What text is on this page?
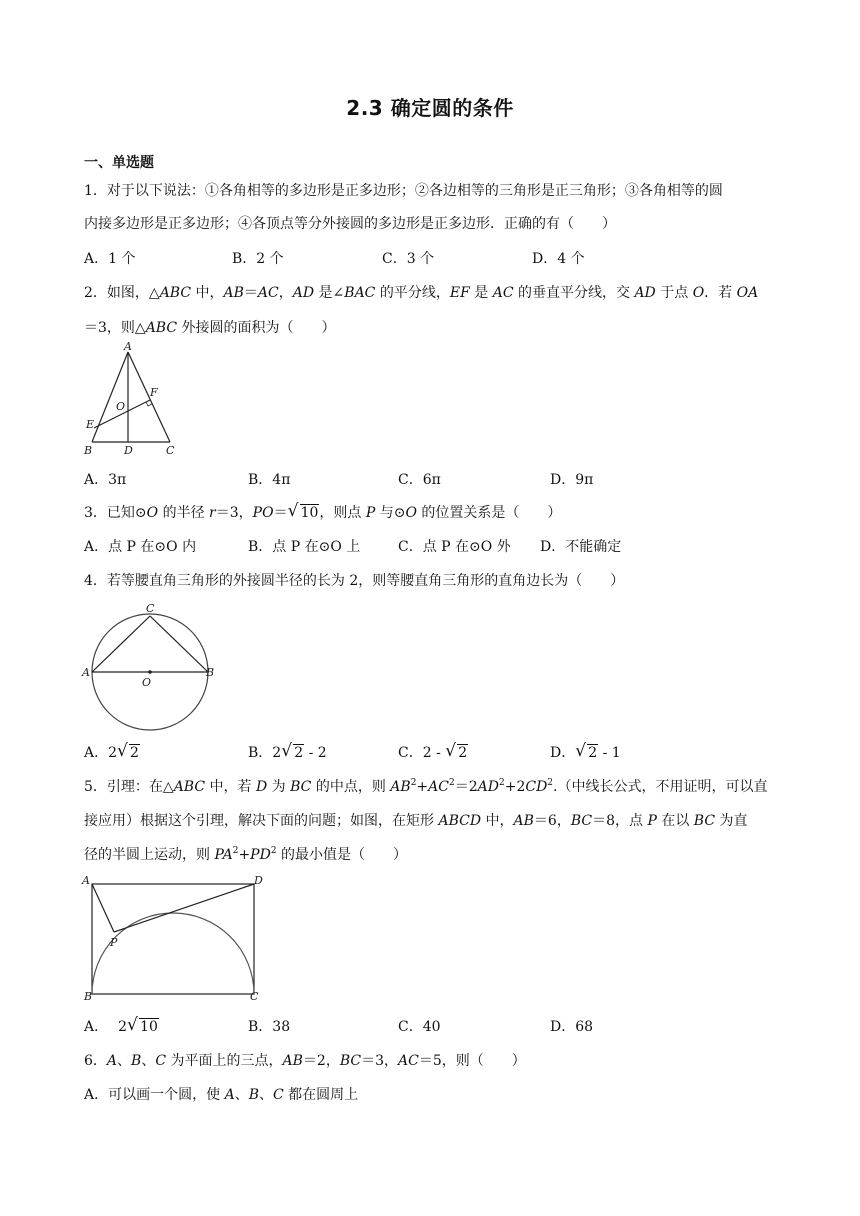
2.3 确定圆的条件
一、单选题
1．对于以下说法：①各角相等的多边形是正多边形；②各边相等的三角形是正三角形；③各角相等的圆
内接多边形是正多边形；④各顶点等分外接圆的多边形是正多边形．正确的有（　　）
A．1 个	B．2 个	C．3 个	D．4 个
2．如图，△ABC 中，AB＝AC，AD 是∠BAC 的平分线，EF 是 AC 的垂直平分线，交 AD 于点 O．若 OA
＝3，则△ABC 外接圆的面积为（　　）
A
B	C
D
E
F
O
A．3π	B．4π	C．6π	D．9π
3．已知⊙O 的半径 r＝3，PO＝ √ 10，则点 P 与⊙O 的位置关系是（　　）
A．点 P 在⊙O 内	B．点 P 在⊙O 上	C．点 P 在⊙O 外 D．不能确定
4．若等腰直角三角形的外接圆半径的长为 2，则等腰直角三角形的直角边长为（　　）
C
A	B
O
A．2 √ 2	B．2 √ 2 - 2	C．2 - √ 2	D． √ 2 - 1
5．引理：在△ABC 中，若 D 为 BC 的中点，则 $AB^2+AC^2=2AD^2+2CD^2$.（中线长公式，不用证明，可以直
接应用）根据这个引理，解决下面的问题；如图，在矩形 ABCD 中，AB＝6，BC＝8，点 P 在以 BC 为直
径的半圆上运动，则 $PA^2+PD^2$ 的最小值是（　　）
A	D
B	C
P
A． 2 √ 10	B．38	C．40	D．68
6．A、B、C 为平面上的三点，AB＝2，BC＝3，AC＝5，则（　　）
A．可以画一个圆，使 A、B、C 都在圆周上
